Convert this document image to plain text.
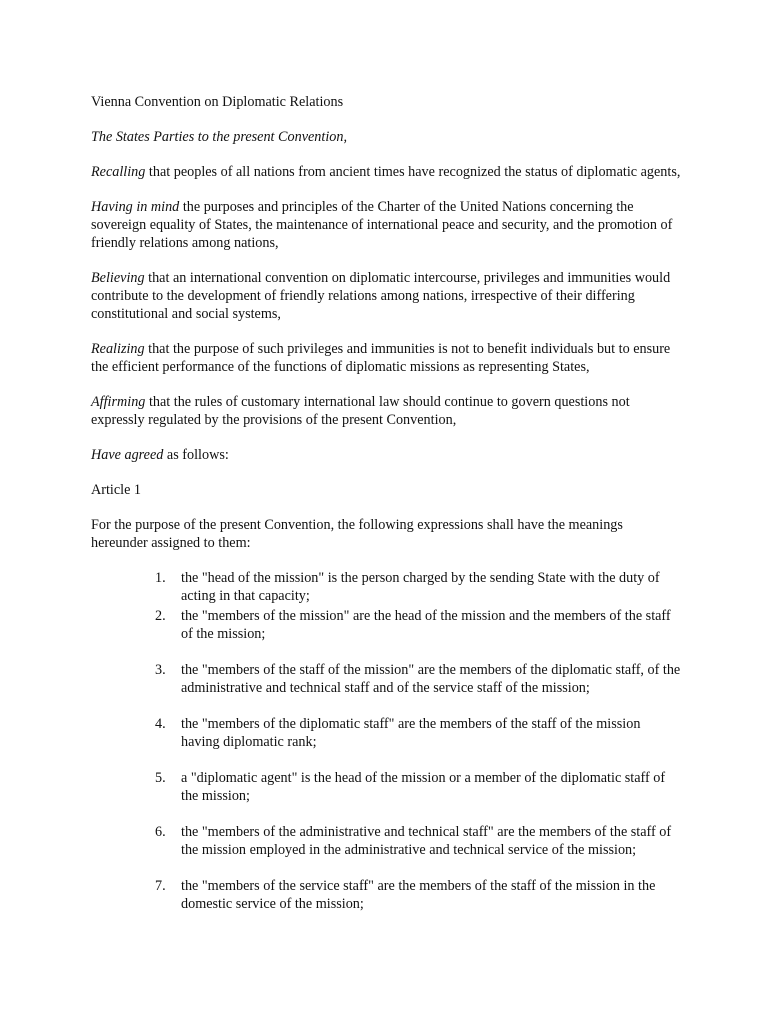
Vienna Convention on Diplomatic Relations

The States Parties to the present Convention,

Recalling that peoples of all nations from ancient times have recognized the status of diplomatic agents,

Having in mind the purposes and principles of the Charter of the United Nations concerning the sovereign equality of States, the maintenance of international peace and security, and the promotion of friendly relations among nations,

Believing that an international convention on diplomatic intercourse, privileges and immunities would contribute to the development of friendly relations among nations, irrespective of their differing constitutional and social systems,

Realizing that the purpose of such privileges and immunities is not to benefit individuals but to ensure the efficient performance of the functions of diplomatic missions as representing States,

Affirming that the rules of customary international law should continue to govern questions not expressly regulated by the provisions of the present Convention,

Have agreed as follows:

Article 1

For the purpose of the present Convention, the following expressions shall have the meanings hereunder assigned to them:

1.	the "head of the mission" is the person charged by the sending State with the duty of acting in that capacity;
2.	the "members of the mission" are the head of the mission and the members of the staff of the mission;
3.	the "members of the staff of the mission" are the members of the diplomatic staff, of the administrative and technical staff and of the service staff of the mission;
4.	the "members of the diplomatic staff" are the members of the staff of the mission having diplomatic rank;
5.	a "diplomatic agent" is the head of the mission or a member of the diplomatic staff of the mission;
6.	the "members of the administrative and technical staff" are the members of the staff of the mission employed in the administrative and technical service of the mission;
7.	the "members of the service staff" are the members of the staff of the mission in the domestic service of the mission;
